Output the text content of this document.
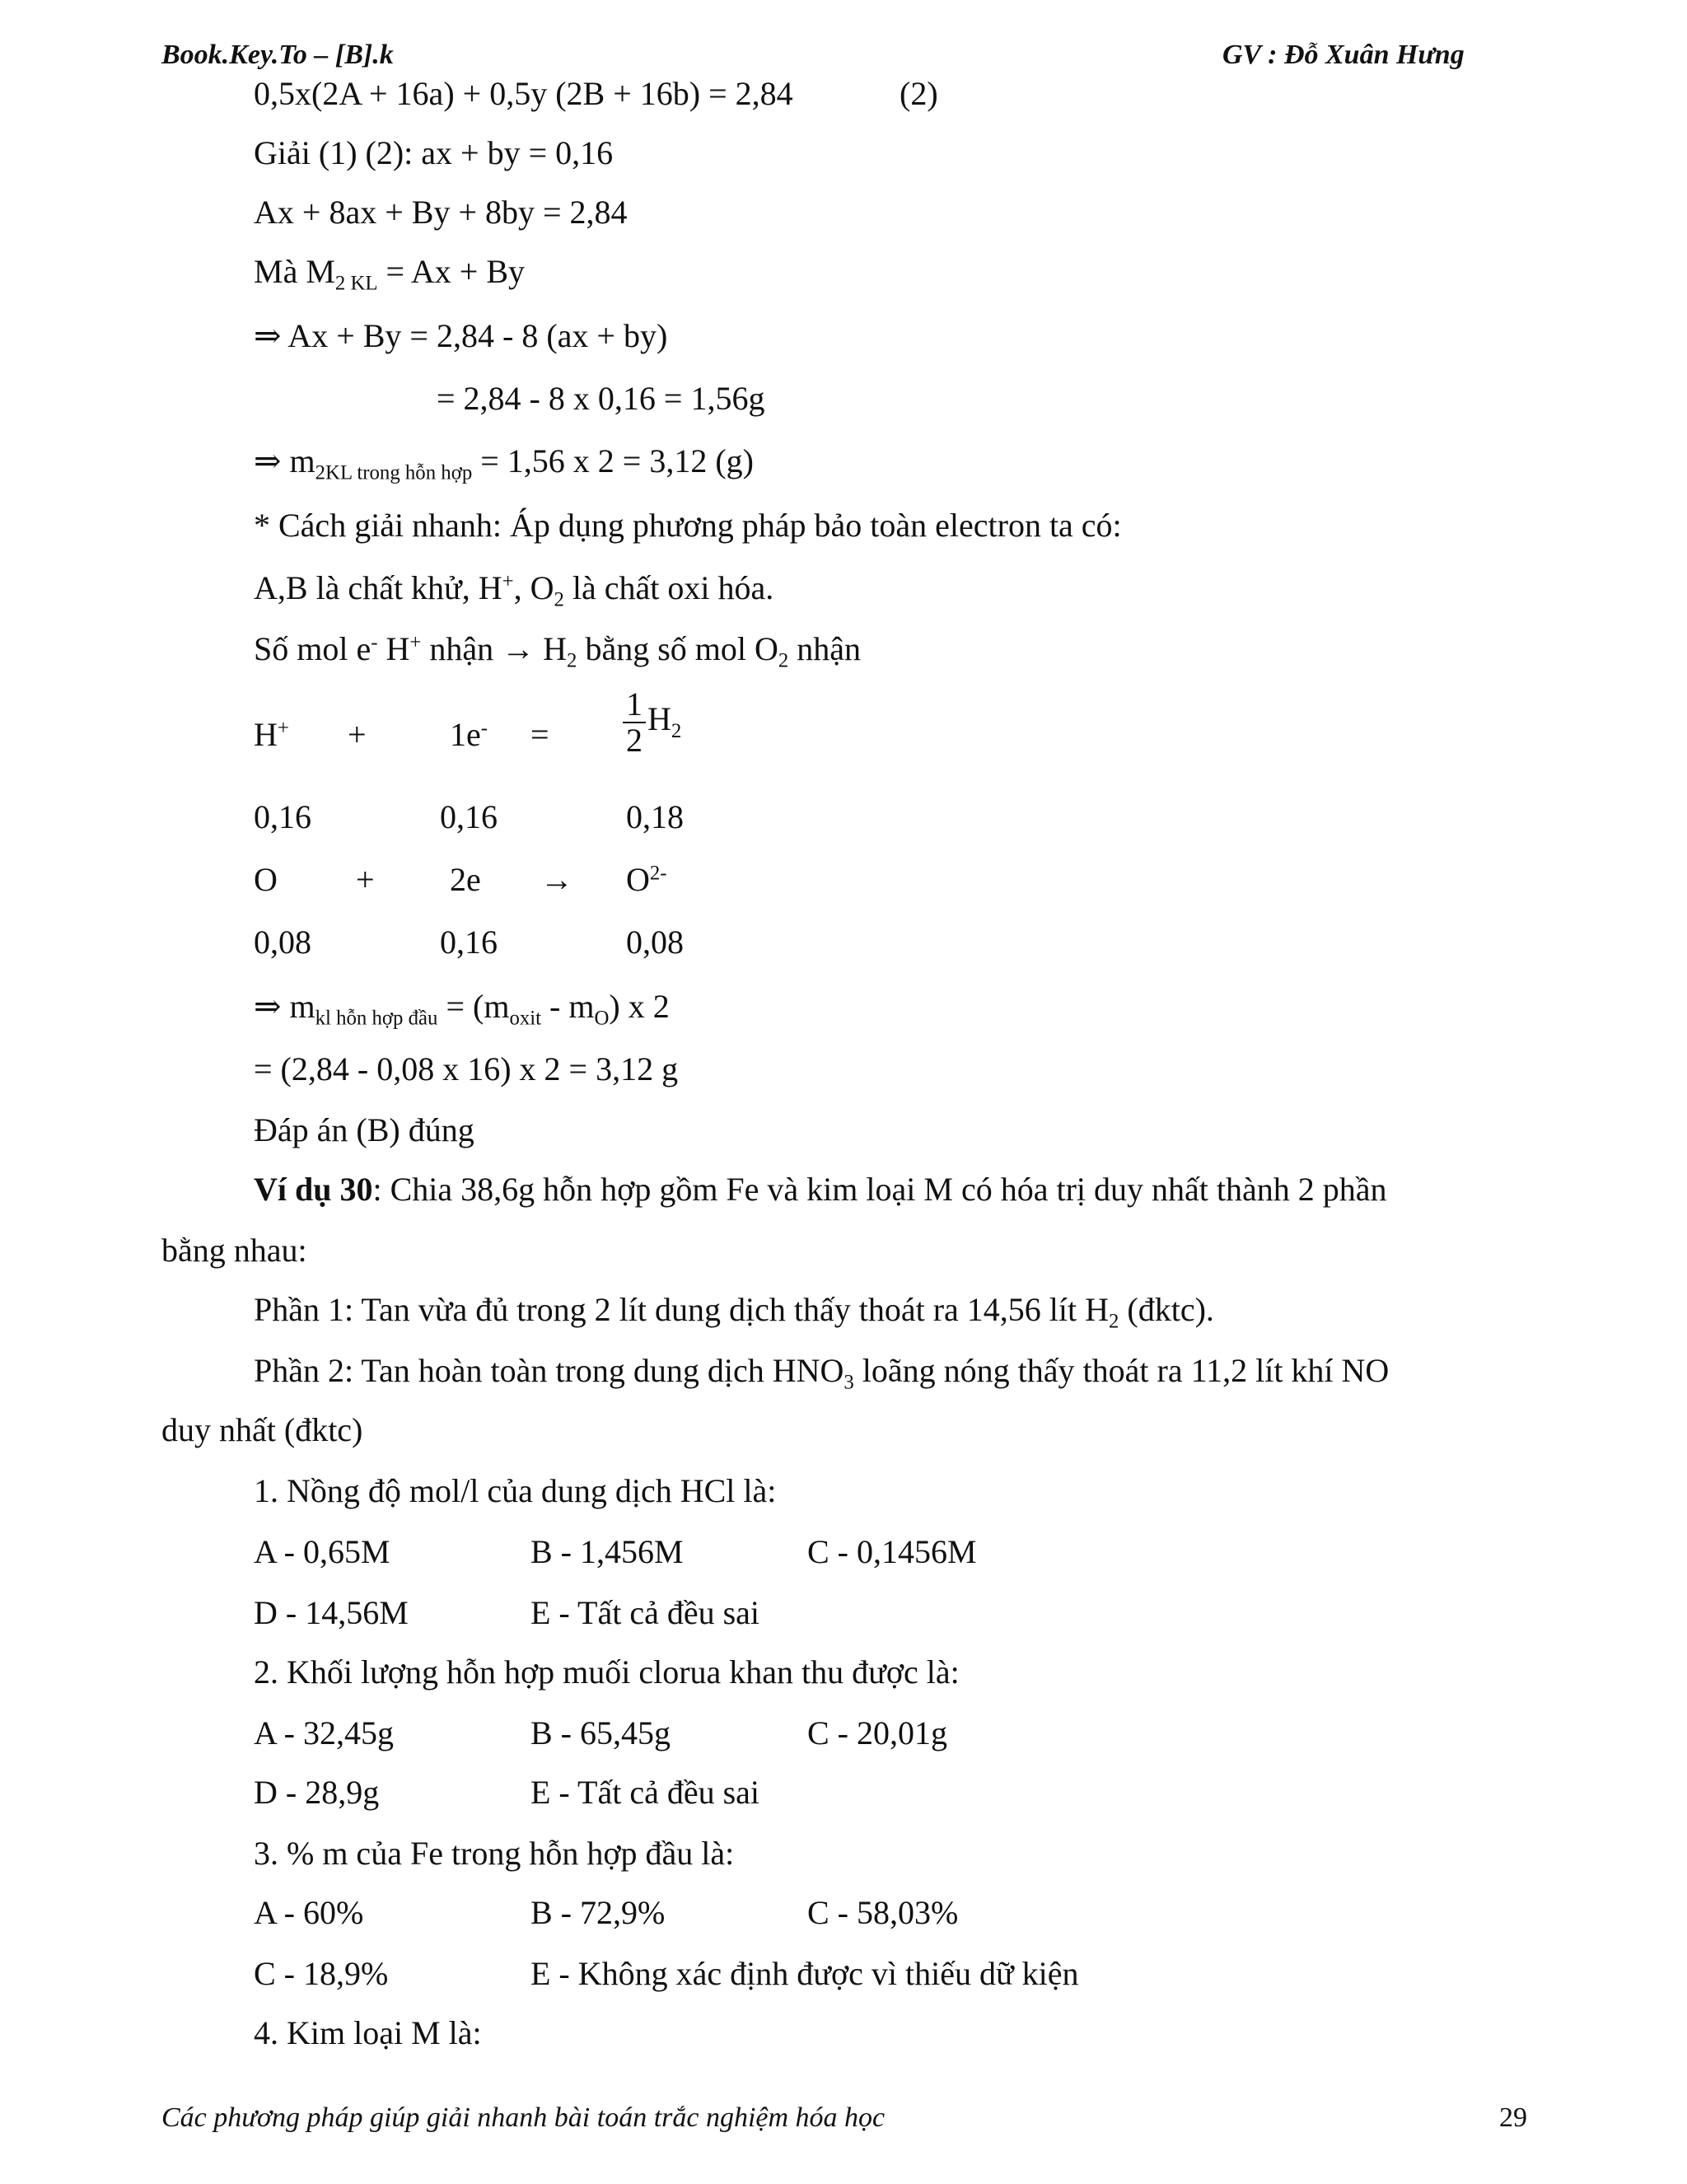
Book.Key.To – [B].k	GV : Đỗ Xuân Hưng
0,5x(2A + 16a) + 0,5y (2B + 16b) = 2,84	(2)
Giải (1) (2): ax + by = 0,16
Ax + 8ax + By + 8by = 2,84
Mà $M_{2 KL} = Ax + By$
⇒ Ax + By = 2,84 - 8 (ax + by)
= 2,84 - 8 x 0,16 = 1,56g
⇒ $m_{2KL trong hỗn hợp} = 1,56$ x 2 = 3,12 (g)
* Cách giải nhanh: Áp dụng phương pháp bảo toàn electron ta có:
A,B là chất khử, H+, $O_2$ là chất oxi hóa.
Số mol e- H+ nhận → $H_2$ bằng số mol $O_2$ nhận
H+ +	$1e^- = \frac{1}{2} H_2$
0,16	0,16	0,18
$O + 2e \to O^{2-}$
0,08	0,16	0,08
⇒ $m_{kl hỗn hợp đầu} = (m_{oxit} - m_O)$ x 2
= (2,84 - 0,08 x 16) x 2 = 3,12 g
Đáp án (B) đúng
Ví dụ 30: Chia 38,6g hỗn hợp gồm Fe và kim loại M có hóa trị duy nhất thành 2 phần
bằng nhau:
Phần 1: Tan vừa đủ trong 2 lít dung dịch thấy thoát ra 14,56 lít $H_2$ (đktc).
Phần 2: Tan hoàn toàn trong dung dịch $HNO_3$ loãng nóng thấy thoát ra 11,2 lít khí NO
duy nhất (đktc)
1. Nồng độ mol/l của dung dịch HCl là:
A - 0,65M	B - 1,456M	C - 0,1456M
D - 14,56M	E - Tất cả đều sai
2. Khối lượng hỗn hợp muối clorua khan thu được là:
A - 32,45g	B - 65,45g	C - 20,01g
D - 28,9g	E - Tất cả đều sai
3. % m của Fe trong hỗn hợp đầu là:
A - 60%	B - 72,9%	C - 58,03%
C - 18,9%	E - Không xác định được vì thiếu dữ kiện
4. Kim loại M là:
Các phương pháp giúp giải nhanh bài toán trắc nghiệm hóa học	29
